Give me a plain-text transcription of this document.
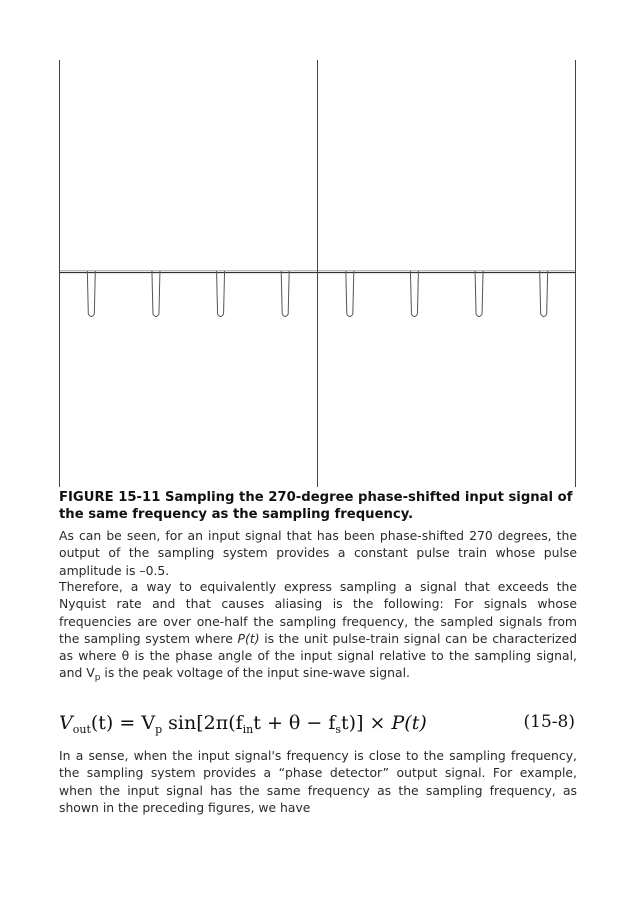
FIGURE 15-11 Sampling the 270-degree phase-shifted input signal of the same frequency as the sampling frequency.
As can be seen, for an input signal that has been phase-shifted 270 degrees, the output of the sampling system provides a constant pulse train whose pulse amplitude is –0.5.
Therefore, a way to equivalently express sampling a signal that exceeds the Nyquist rate and that causes aliasing is the following: For signals whose frequencies are over one-half the sampling frequency, the sampled signals from the sampling system where P(t) is the unit pulse-train signal can be characterized as where θ is the phase angle of the input signal relative to the sampling signal, and $V_p$ is the peak voltage of the input sine-wave signal.
$V_{out}(t) = V_p$ $\sin[2\pi(f_{in}t + \theta - f_st)] \times P(t)$	(15-8)
In a sense, when the input signal's frequency is close to the sampling frequency, the sampling system provides a “phase detector” output signal. For example, when the input signal has the same frequency as the sampling frequency, as shown in the preceding figures, we have
